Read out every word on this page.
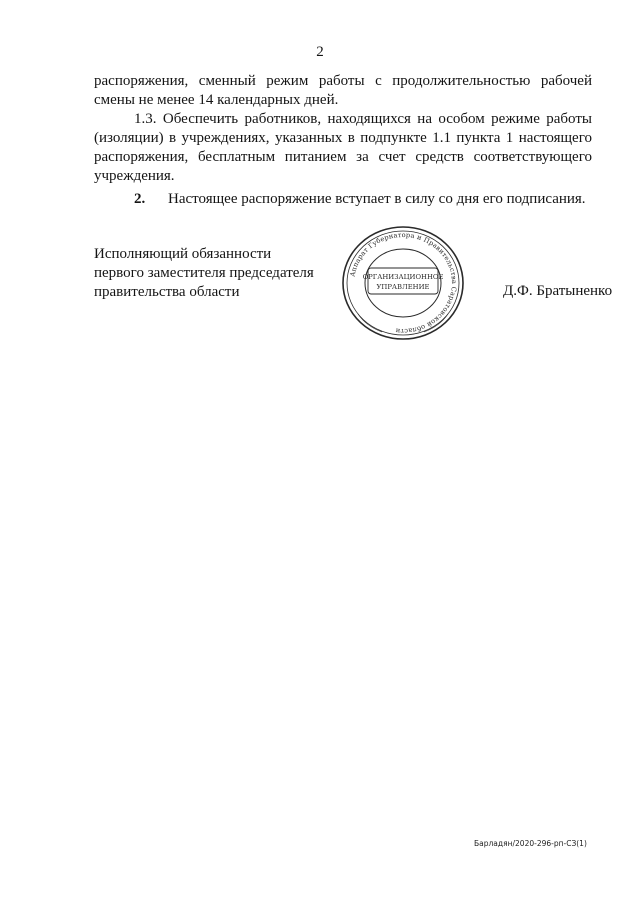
2

распоряжения, сменный режим работы с продолжительностью рабочей смены не менее 14 календарных дней.

1.3. Обеспечить работников, находящихся на особом режиме работы (изоляции) в учреждениях, указанных в подпункте 1.1 пункта 1 настоящего распоряжения, бесплатным питанием за счет средств соответствующего учреждения.

2.	Настоящее распоряжение вступает в силу со дня его подписания.
Исполняющий обязанности
первого заместителя председателя
правительства области
Аппарат Губернатора и Правительства Саратовской области
ОРГАНИЗАЦИОННОЕ
УПРАВЛЕНИЕ	Д.Ф. Братыненко
Барладян/2020-296-рп-СЗ(1)
